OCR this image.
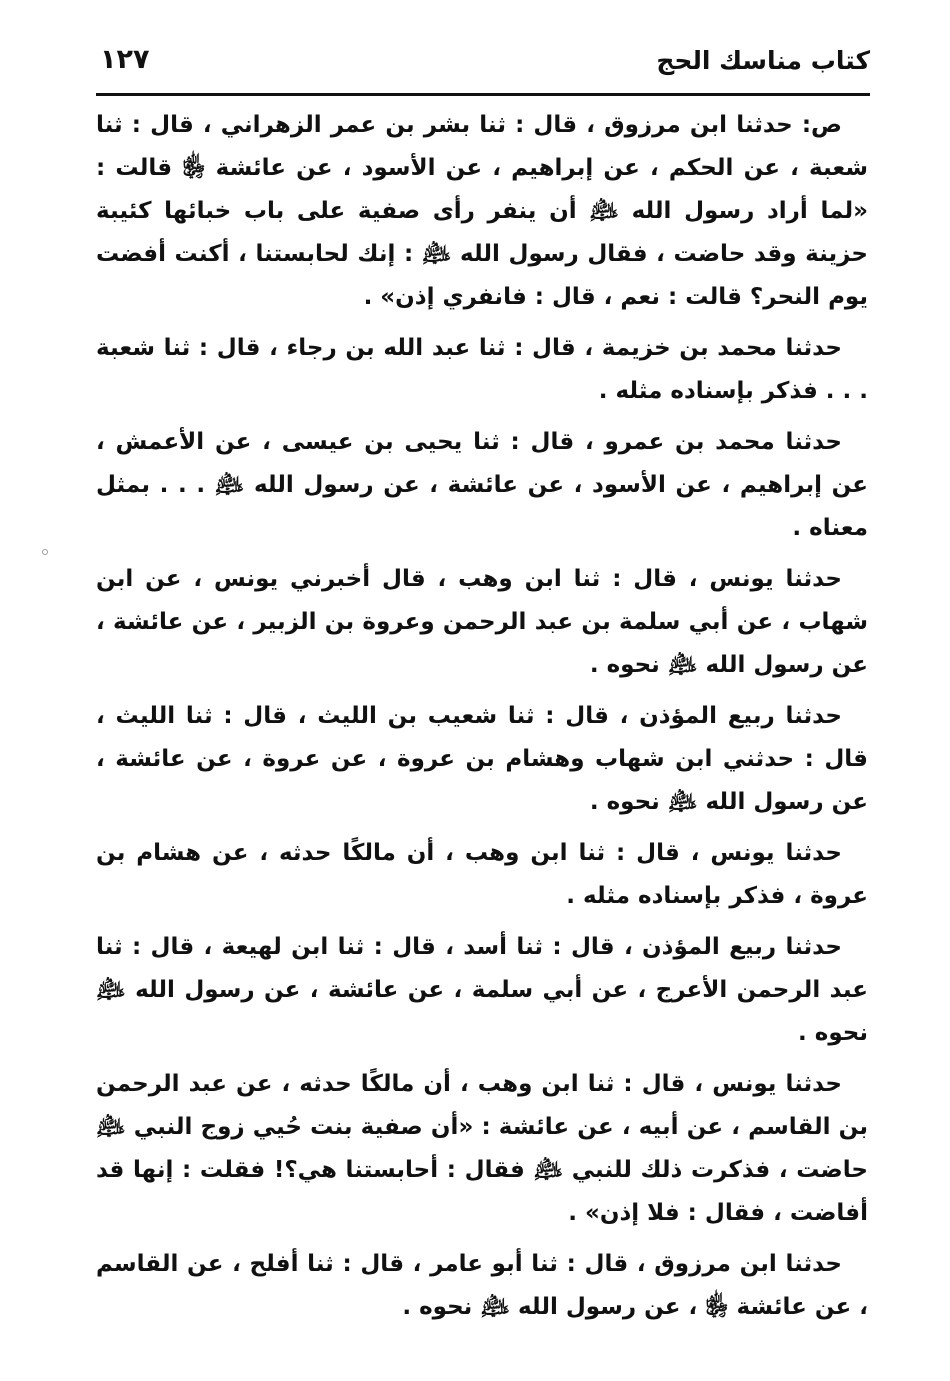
١٢٧	كتاب مناسك الحج

ص: حدثنا ابن مرزوق ، قال : ثنا بشر بن عمر الزهراني ، قال : ثنا شعبة ، عن الحكم ، عن إبراهيم ، عن الأسود ، عن عائشة ﵂ قالت : «لما أراد رسول الله ﵇ أن ينفر رأى صفية على باب خبائها كئيبة حزينة وقد حاضت ، فقال رسول الله ﵇ : إنك لحابستنا ، أكنت أفضت يوم النحر؟ قالت : نعم ، قال : فانفري إذن» .

حدثنا محمد بن خزيمة ، قال : ثنا عبد الله بن رجاء ، قال : ثنا شعبة . . . فذكر بإسناده مثله .

حدثنا محمد بن عمرو ، قال : ثنا يحيى بن عيسى ، عن الأعمش ، عن إبراهيم ، عن الأسود ، عن عائشة ، عن رسول الله ﵇ . . . بمثل معناه .

حدثنا يونس ، قال : ثنا ابن وهب ، قال أخبرني يونس ، عن ابن شهاب ، عن أبي سلمة بن عبد الرحمن وعروة بن الزبير ، عن عائشة ، عن رسول الله ﵇ نحوه .

حدثنا ربيع المؤذن ، قال : ثنا شعيب بن الليث ، قال : ثنا الليث ، قال : حدثني ابن شهاب وهشام بن عروة ، عن عروة ، عن عائشة ، عن رسول الله ﵇ نحوه .

حدثنا يونس ، قال : ثنا ابن وهب ، أن مالكًا حدثه ، عن هشام بن عروة ، فذكر بإسناده مثله .

حدثنا ربيع المؤذن ، قال : ثنا أسد ، قال : ثنا ابن لهيعة ، قال : ثنا عبد الرحمن الأعرج ، عن أبي سلمة ، عن عائشة ، عن رسول الله ﵇ نحوه .

حدثنا يونس ، قال : ثنا ابن وهب ، أن مالكًا حدثه ، عن عبد الرحمن بن القاسم ، عن أبيه ، عن عائشة : «أن صفية بنت حُيي زوج النبي ﵇ حاضت ، فذكرت ذلك للنبي ﵇ فقال : أحابستنا هي؟! فقلت : إنها قد أفاضت ، فقال : فلا إذن» .

حدثنا ابن مرزوق ، قال : ثنا أبو عامر ، قال : ثنا أفلح ، عن القاسم ، عن عائشة ﵂ ، عن رسول الله ﵇ نحوه .
